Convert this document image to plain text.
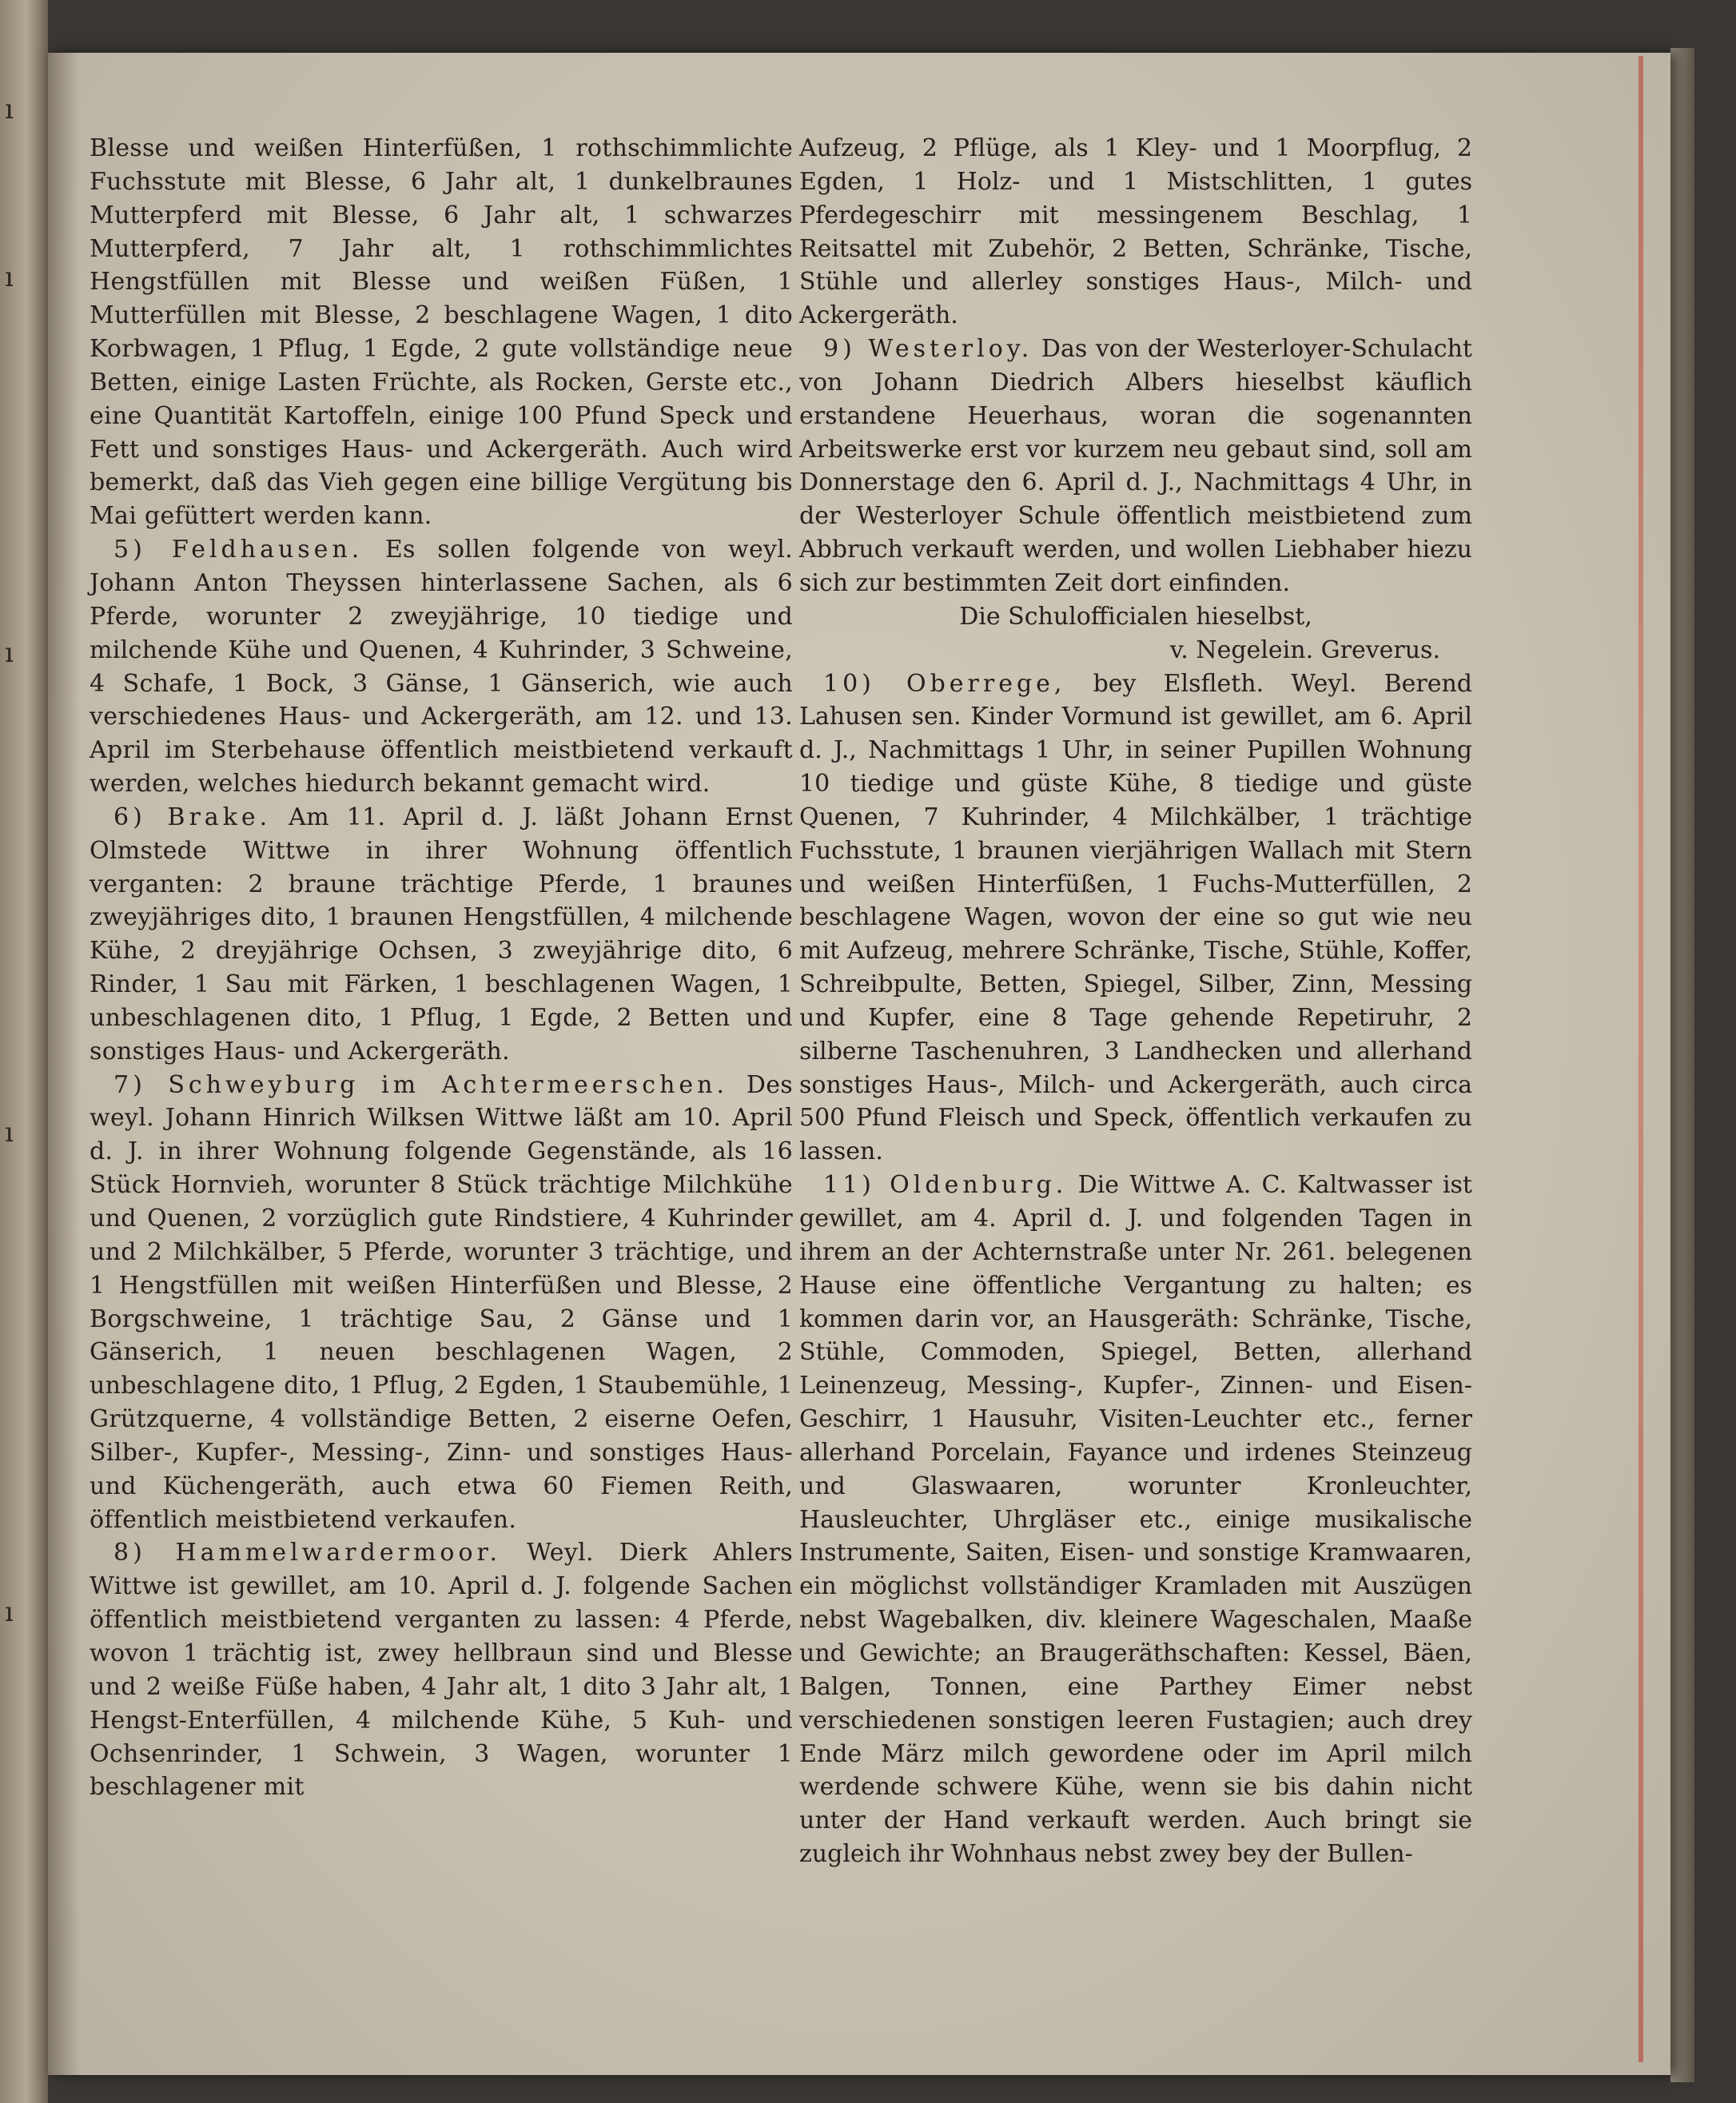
ı
ı
ı
ı
ı

Blesse und weißen Hinterfüßen, 1 rothschimmlichte Fuchsstute mit Blesse, 6 Jahr alt, 1 dunkelbraunes Mutterpferd mit Blesse, 6 Jahr alt, 1 schwarzes Mutterpferd, 7 Jahr alt, 1 rothschimmlichtes Hengstfüllen mit Blesse und weißen Füßen, 1 Mutterfüllen mit Blesse, 2 beschlagene Wagen, 1 dito Korbwagen, 1 Pflug, 1 Egde, 2 gute vollständige neue Betten, einige Lasten Früchte, als Rocken, Gerste etc., eine Quantität Kartoffeln, einige 100 Pfund Speck und Fett und sonstiges Haus- und Ackergeräth. Auch wird bemerkt, daß das Vieh gegen eine billige Vergütung bis Mai gefüttert werden kann.

5) Feldhausen. Es sollen folgende von weyl. Johann Anton Theyssen hinterlassene Sachen, als 6 Pferde, worunter 2 zweyjährige, 10 tiedige und milchende Kühe und Quenen, 4 Kuhrinder, 3 Schweine, 4 Schafe, 1 Bock, 3 Gänse, 1 Gänserich, wie auch verschiedenes Haus- und Ackergeräth, am 12. und 13. April im Sterbehause öffentlich meistbietend verkauft werden, welches hiedurch bekannt gemacht wird.

6) Brake. Am 11. April d. J. läßt Johann Ernst Olmstede Wittwe in ihrer Wohnung öffentlich verganten: 2 braune trächtige Pferde, 1 braunes zweyjähriges dito, 1 braunen Hengstfüllen, 4 milchende Kühe, 2 dreyjährige Ochsen, 3 zweyjährige dito, 6 Rinder, 1 Sau mit Färken, 1 beschlagenen Wagen, 1 unbeschlagenen dito, 1 Pflug, 1 Egde, 2 Betten und sonstiges Haus- und Ackergeräth.

7) Schweyburg im Achtermeerschen. Des weyl. Johann Hinrich Wilksen Wittwe läßt am 10. April d. J. in ihrer Wohnung folgende Gegenstände, als 16 Stück Hornvieh, worunter 8 Stück trächtige Milchkühe und Quenen, 2 vorzüglich gute Rindstiere, 4 Kuhrinder und 2 Milchkälber, 5 Pferde, worunter 3 trächtige, und 1 Hengstfüllen mit weißen Hinterfüßen und Blesse, 2 Borgschweine, 1 trächtige Sau, 2 Gänse und 1 Gänserich, 1 neuen beschlagenen Wagen, 2 unbeschlagene dito, 1 Pflug, 2 Egden, 1 Staubemühle, 1 Grützquerne, 4 vollständige Betten, 2 eiserne Oefen, Silber-, Kupfer-, Messing-, Zinn- und sonstiges Haus- und Küchengeräth, auch etwa 60 Fiemen Reith, öffentlich meistbietend verkaufen.

8) Hammelwardermoor. Weyl. Dierk Ahlers Wittwe ist gewillet, am 10. April d. J. folgende Sachen öffentlich meistbietend verganten zu lassen: 4 Pferde, wovon 1 trächtig ist, zwey hellbraun sind und Blesse und 2 weiße Füße haben, 4 Jahr alt, 1 dito 3 Jahr alt, 1 Hengst-Enterfüllen, 4 milchende Kühe, 5 Kuh- und Ochsenrinder, 1 Schwein, 3 Wagen, worunter 1 beschlagener mit

Aufzeug, 2 Pflüge, als 1 Kley- und 1 Moorpflug, 2 Egden, 1 Holz- und 1 Mistschlitten, 1 gutes Pferdegeschirr mit messingenem Beschlag, 1 Reitsattel mit Zubehör, 2 Betten, Schränke, Tische, Stühle und allerley sonstiges Haus-, Milch- und Ackergeräth.

9) Westerloy. Das von der Westerloyer-Schulacht von Johann Diedrich Albers hieselbst käuflich erstandene Heuerhaus, woran die sogenannten Arbeitswerke erst vor kurzem neu gebaut sind, soll am Donnerstage den 6. April d. J., Nachmittags 4 Uhr, in der Westerloyer Schule öffentlich meistbietend zum Abbruch verkauft werden, und wollen Liebhaber hiezu sich zur bestimmten Zeit dort einfinden.

Die Schulofficialen hieselbst,

v. Negelein. Greverus.

10) Oberrege, bey Elsfleth. Weyl. Berend Lahusen sen. Kinder Vormund ist gewillet, am 6. April d. J., Nachmittags 1 Uhr, in seiner Pupillen Wohnung 10 tiedige und güste Kühe, 8 tiedige und güste Quenen, 7 Kuhrinder, 4 Milchkälber, 1 trächtige Fuchsstute, 1 braunen vierjährigen Wallach mit Stern und weißen Hinterfüßen, 1 Fuchs-Mutterfüllen, 2 beschlagene Wagen, wovon der eine so gut wie neu mit Aufzeug, mehrere Schränke, Tische, Stühle, Koffer, Schreibpulte, Betten, Spiegel, Silber, Zinn, Messing und Kupfer, eine 8 Tage gehende Repetiruhr, 2 silberne Taschenuhren, 3 Landhecken und allerhand sonstiges Haus-, Milch- und Ackergeräth, auch circa 500 Pfund Fleisch und Speck, öffentlich verkaufen zu lassen.

11) Oldenburg. Die Wittwe A. C. Kaltwasser ist gewillet, am 4. April d. J. und folgenden Tagen in ihrem an der Achternstraße unter Nr. 261. belegenen Hause eine öffentliche Vergantung zu halten; es kommen darin vor, an Hausgeräth: Schränke, Tische, Stühle, Commoden, Spiegel, Betten, allerhand Leinenzeug, Messing-, Kupfer-, Zinnen- und Eisen-Geschirr, 1 Hausuhr, Visiten-Leuchter etc., ferner allerhand Porcelain, Fayance und irdenes Steinzeug und Glaswaaren, worunter Kronleuchter, Hausleuchter, Uhrgläser etc., einige musikalische Instrumente, Saiten, Eisen- und sonstige Kramwaaren, ein möglichst vollständiger Kramladen mit Auszügen nebst Wagebalken, div. kleinere Wageschalen, Maaße und Gewichte; an Braugeräthschaften: Kessel, Bäen, Balgen, Tonnen, eine Parthey Eimer nebst verschiedenen sonstigen leeren Fustagien; auch drey Ende März milch gewordene oder im April milch werdende schwere Kühe, wenn sie bis dahin nicht unter der Hand verkauft werden. Auch bringt sie zugleich ihr Wohnhaus nebst zwey bey der Bullen-
